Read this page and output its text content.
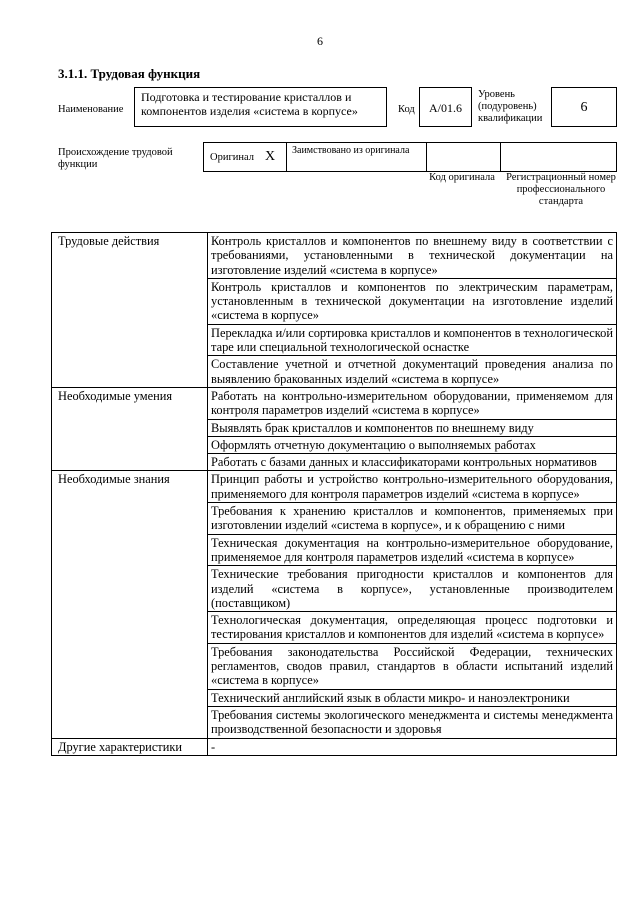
6
3.1.1. Трудовая функция
Наименование
Подготовка и тестирование кристаллов и компонентов изделия «система в корпусе»	Код	A/01.6
Уровень (подуровень) квалификации
6
Происхождение трудовой функции
Оригинал X Заимствовано из оригинала
Код оригинала Регистрационный номер профессионального стандарта
Трудовые действия	Контроль кристаллов и компонентов по внешнему виду в соответствии с требованиями, установленными в технической документации на изготовление изделий «система в корпусе»
	Контроль кристаллов и компонентов по электрическим параметрам, установленным в технической документации на изготовление изделий «система в корпусе»
	Перекладка и/или сортировка кристаллов и компонентов в технологической таре или специальной технологической оснастке
	Составление учетной и отчетной документаций проведения анализа по выявлению бракованных изделий «система в корпусе»
Необходимые умения	Работать на контрольно-измерительном оборудовании, применяемом для контроля параметров изделий «система в корпусе»
	Выявлять брак кристаллов и компонентов по внешнему виду
	Оформлять отчетную документацию о выполняемых работах
	Работать с базами данных и классификаторами контрольных нормативов
Необходимые знания	Принцип работы и устройство контрольно-измерительного оборудования, применяемого для контроля параметров изделий «система в корпусе»
	Требования к хранению кристаллов и компонентов, применяемых при изготовлении изделий «система в корпусе», и к обращению с ними
	Техническая документация на контрольно-измерительное оборудование, применяемое для контроля параметров изделий «система в корпусе»
	Технические требования пригодности кристаллов и компонентов для изделий «система в корпусе», установленные производителем (поставщиком)
	Технологическая документация, определяющая процесс подготовки и тестирования кристаллов и компонентов для изделий «система в корпусе»
	Требования законодательства Российской Федерации, технических регламентов, сводов правил, стандартов в области испытаний изделий «система в корпусе»
	Технический английский язык в области микро- и наноэлектроники
	Требования системы экологического менеджмента и системы менеджмента производственной безопасности и здоровья
Другие характеристики	-
